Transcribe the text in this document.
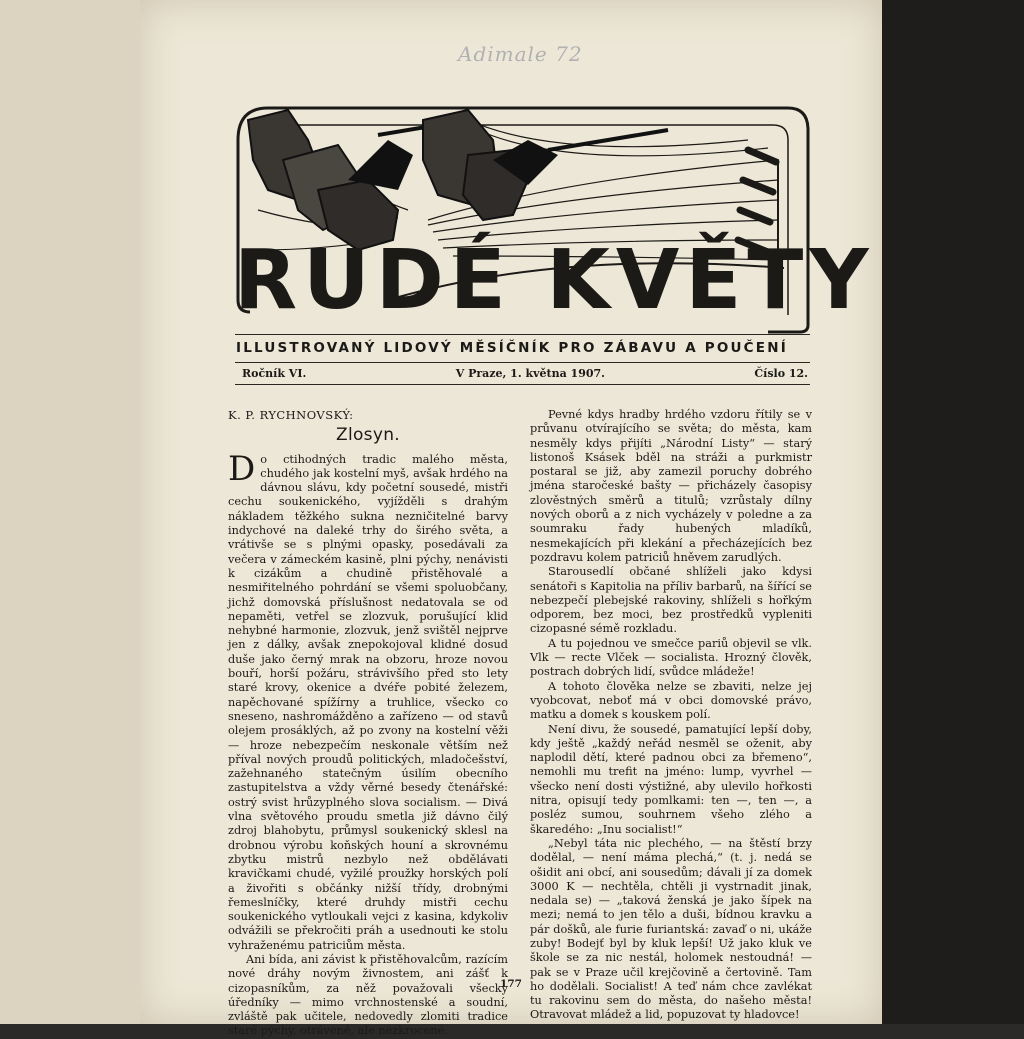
Adimale 72
RUDÉ KVĚTY
ILLUSTROVANÝ LIDOVÝ MĚSÍČNÍK PRO ZÁBAVU A POUČENÍ
Ročník VI.	V Praze, 1. května 1907.	Číslo 12.
K. P. RYCHNOVSKÝ:
Zlosyn.

Do ctihodných tradic malého města, chudého jak kostelní myš, avšak hrdého na dávnou slávu, kdy početní sousedé, mistři cechu soukenického, vyjížděli s drahým nákladem těžkého sukna nezničitelné barvy indychové na daleké trhy do širého světa, a vrátivše se s plnými opasky, posedávali za večera v zámeckém kasině, plni pýchy, nenávisti k cizákům a chudině přistěhovalé a nesmiřitelného pohrdání se všemi spoluobčany, jichž domovská příslušnost nedatovala se od nepaměti, vetřel se zlozvuk, porušující klid nehybné harmonie, zlozvuk, jenž svištěl nejprve jen z dálky, avšak znepokojoval klidné dosud duše jako černý mrak na obzoru, hroze novou bouří, horší požáru, strávivšího před sto lety staré krovy, okenice a dvéře pobité železem, napěchované spížírny a truhlice, všecko co sneseno, nashromážděno a zařízeno — od stavů olejem prosáklých, až po zvony na kostelní věži — hroze nebezpečím neskonale větším než příval nových proudů politických, mladočešství, zažehnaného statečným úsilím obecního zastupitelstva a vždy věrné besedy čtenářské: ostrý svist hrůzyplného slova socialism. — Divá vlna světového proudu smetla již dávno čilý zdroj blahobytu, průmysl soukenický sklesl na drobnou výrobu koňských houní a skrovnému zbytku mistrů nezbylo než obdělávati kravičkami chudé, vyžilé proužky horských polí a živořiti s občánky nižší třídy, drobnými řemeslníčky, které druhdy mistři cechu soukenického vytloukali vejci z kasina, kdykoliv odvážili se překročiti práh a usednouti ke stolu vyhraženému patriciům města.

Ani bída, ani závist k přistěhovalcům, razícím nové dráhy novým živnostem, ani zášť k cizopasníkům, za něž považovali všecky úředníky — mimo vrchnostenské a soudní, zvláště pak učitele, nedovedly zlomiti tradice staré pýchy, otrávené, ale nezkrocené.

Pevné kdys hradby hrdého vzdoru řítily se v průvanu otvírajícího se světa; do města, kam nesměly kdys přijíti „Národní Listy“ — starý listonoš Ksásek bděl na stráži a purkmistr postaral se již, aby zamezil poruchy dobrého jména staročeské bašty — přicházely časopisy zlověstných směrů a titulů; vzrůstaly dílny nových oborů a z nich vycházely v poledne a za soumraku řady hubených mladíků, nesmekajících při klekání a přecházejících bez pozdravu kolem patriciů hněvem zarudlých.

Starousedlí občané shlíželi jako kdysi senátoři s Kapitolia na příliv barbarů, na šířící se nebezpečí plebejské rakoviny, shlíželi s hořkým odporem, bez moci, bez prostředků vypleniti cizopasné sémě rozkladu.

A tu pojednou ve smečce pariů objevil se vlk. Vlk — recte Vlček — socialista. Hrozný člověk, postrach dobrých lidí, svůdce mládeže!

A tohoto člověka nelze se zbaviti, nelze jej vyobcovat, neboť má v obci domovské právo, matku a domek s kouskem polí.

Není divu, že sousedé, pamatující lepší doby, kdy ještě „každý neřád nesměl se oženit, aby naplodil dětí, které padnou obci za břemeno“, nemohli mu trefit na jméno: lump, vyvrhel — všecko není dosti výstižné, aby ulevilo hořkosti nitra, opisují tedy pomlkami: ten —, ten —, a posléz sumou, souhrnem všeho zlého a škaredého: „Inu socialist!“

„Nebyl táta nic plechého, — na štěstí brzy dodělal, — není máma plechá,“ (t. j. nedá se ošidit ani obcí, ani sousedům; dávali jí za domek 3000 K — nechtěla, chtěli ji vystrnadit jinak, nedala se) — „taková ženská je jako šípek na mezi; nemá to jen tělo a duši, bídnou kravku a pár došků, ale furie furiantská: zavaď o ni, ukáže zuby! Bodejť byl by kluk lepší! Už jako kluk ve škole se za nic nestál, holomek nestoudná! — pak se v Praze učil krejčovině a čertovině. Tam ho dodělali. Socialist! A teď nám chce zavlékat tu rakovinu sem do města, do našeho města! Otravovat mládež a lid, popuzovat ty hladovce!

177
